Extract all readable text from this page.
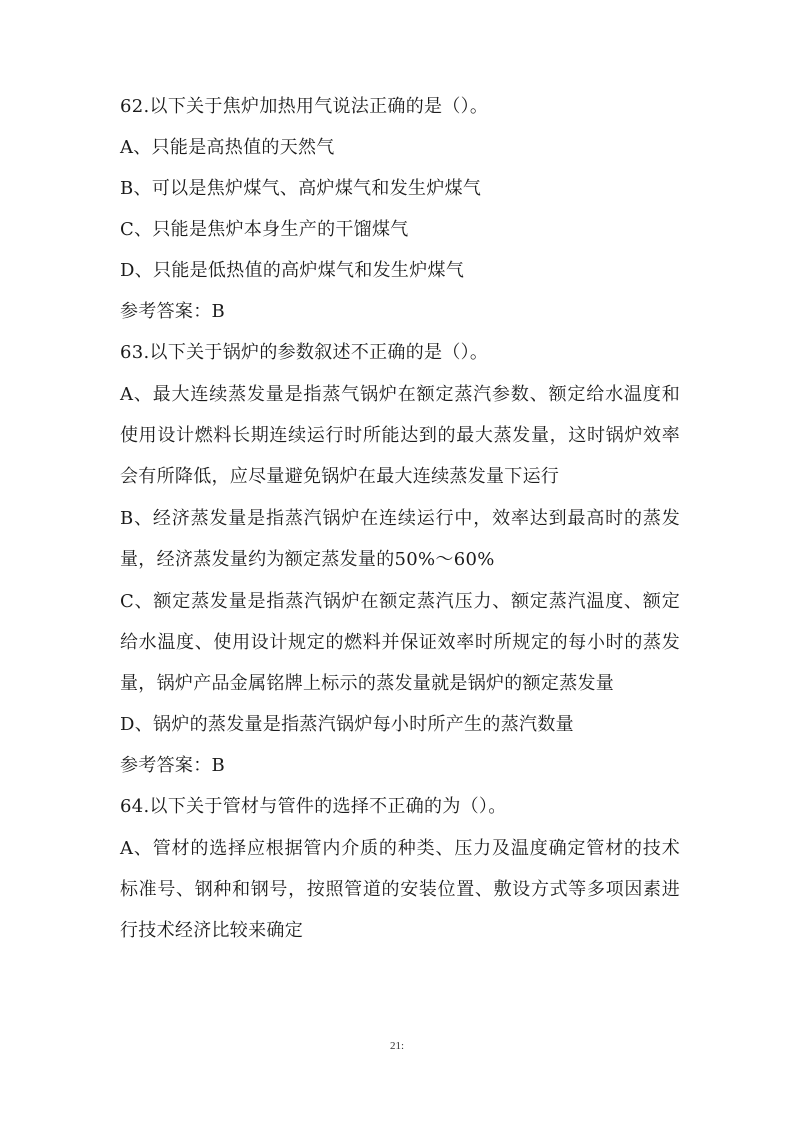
62.以下关于焦炉加热用气说法正确的是（）。
A、只能是高热值的天然气
B、可以是焦炉煤气、高炉煤气和发生炉煤气
C、只能是焦炉本身生产的干馏煤气
D、只能是低热值的高炉煤气和发生炉煤气
参考答案：B
63.以下关于锅炉的参数叙述不正确的是（）。
A、最大连续蒸发量是指蒸气锅炉在额定蒸汽参数、额定给水温度和使用设计燃料长期连续运行时所能达到的最大蒸发量，这时锅炉效率会有所降低，应尽量避免锅炉在最大连续蒸发量下运行
B、经济蒸发量是指蒸汽锅炉在连续运行中，效率达到最高时的蒸发量，经济蒸发量约为额定蒸发量的50%～60%
C、额定蒸发量是指蒸汽锅炉在额定蒸汽压力、额定蒸汽温度、额定给水温度、使用设计规定的燃料并保证效率时所规定的每小时的蒸发量，锅炉产品金属铭牌上标示的蒸发量就是锅炉的额定蒸发量
D、锅炉的蒸发量是指蒸汽锅炉每小时所产生的蒸汽数量
参考答案：B
64.以下关于管材与管件的选择不正确的为（）。
A、管材的选择应根据管内介质的种类、压力及温度确定管材的技术标准号、钢种和钢号，按照管道的安装位置、敷设方式等多项因素进行技术经济比较来确定
21:
